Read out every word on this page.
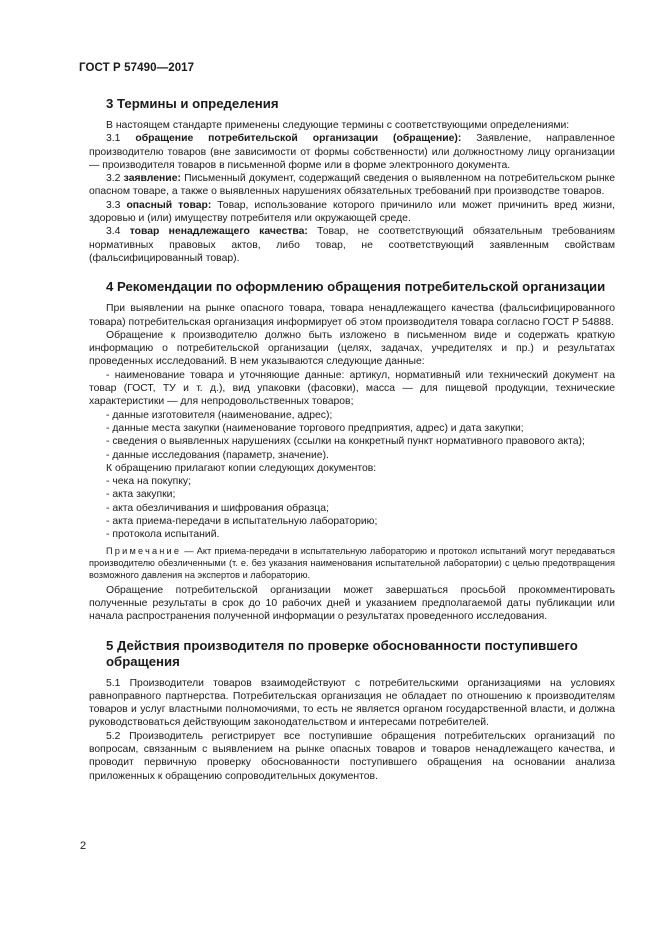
ГОСТ Р 57490—2017
3 Термины и определения

В настоящем стандарте применены следующие термины с соответствующими определениями:

3.1 обращение потребительской организации (обращение): Заявление, направленное производителю товаров (вне зависимости от формы собственности) или должностному лицу организации — производителя товаров в письменной форме или в форме электронного документа.

3.2 заявление: Письменный документ, содержащий сведения о выявленном на потребительском рынке опасном товаре, а также о выявленных нарушениях обязательных требований при производстве товаров.

3.3 опасный товар: Товар, использование которого причинило или может причинить вред жизни, здоровью и (или) имуществу потребителя или окружающей среде.

3.4 товар ненадлежащего качества: Товар, не соответствующий обязательным требованиям нормативных правовых актов, либо товар, не соответствующий заявленным свойствам (фальсифицированный товар).

4 Рекомендации по оформлению обращения потребительской организации

При выявлении на рынке опасного товара, товара ненадлежащего качества (фальсифицированного товара) потребительская организация информирует об этом производителя товара согласно ГОСТ Р 54888.

Обращение к производителю должно быть изложено в письменном виде и содержать краткую информацию о потребительской организации (целях, задачах, учредителях и пр.) и результатах проведенных исследований. В нем указываются следующие данные:

- наименование товара и уточняющие данные: артикул, нормативный или технический документ на товар (ГОСТ, ТУ и т. д.), вид упаковки (фасовки), масса — для пищевой продукции, технические характеристики — для непродовольственных товаров;

- данные изготовителя (наименование, адрес);

- данные места закупки (наименование торгового предприятия, адрес) и дата закупки;

- сведения о выявленных нарушениях (ссылки на конкретный пункт нормативного правового акта);

- данные исследования (параметр, значение).

К обращению прилагают копии следующих документов:

- чека на покупку;

- акта закупки;

- акта обезличивания и шифрования образца;

- акта приема-передачи в испытательную лабораторию;

- протокола испытаний.

Примечание — Акт приема-передачи в испытательную лабораторию и протокол испытаний могут передаваться производителю обезличенными (т. е. без указания наименования испытательной лаборатории) с целью предотвращения возможного давления на экспертов и лабораторию.

Обращение потребительской организации может завершаться просьбой прокомментировать полученные результаты в срок до 10 рабочих дней и указанием предполагаемой даты публикации или начала распространения полученной информации о результатах проведенного исследования.

5 Действия производителя по проверке обоснованности поступившего обращения

5.1 Производители товаров взаимодействуют с потребительскими организациями на условиях равноправного партнерства. Потребительская организация не обладает по отношению к производителям товаров и услуг властными полномочиями, то есть не является органом государственной власти, и должна руководствоваться действующим законодательством и интересами потребителей.

5.2 Производитель регистрирует все поступившие обращения потребительских организаций по вопросам, связанным с выявлением на рынке опасных товаров и товаров ненадлежащего качества, и проводит первичную проверку обоснованности поступившего обращения на основании анализа приложенных к обращению сопроводительных документов.

2
